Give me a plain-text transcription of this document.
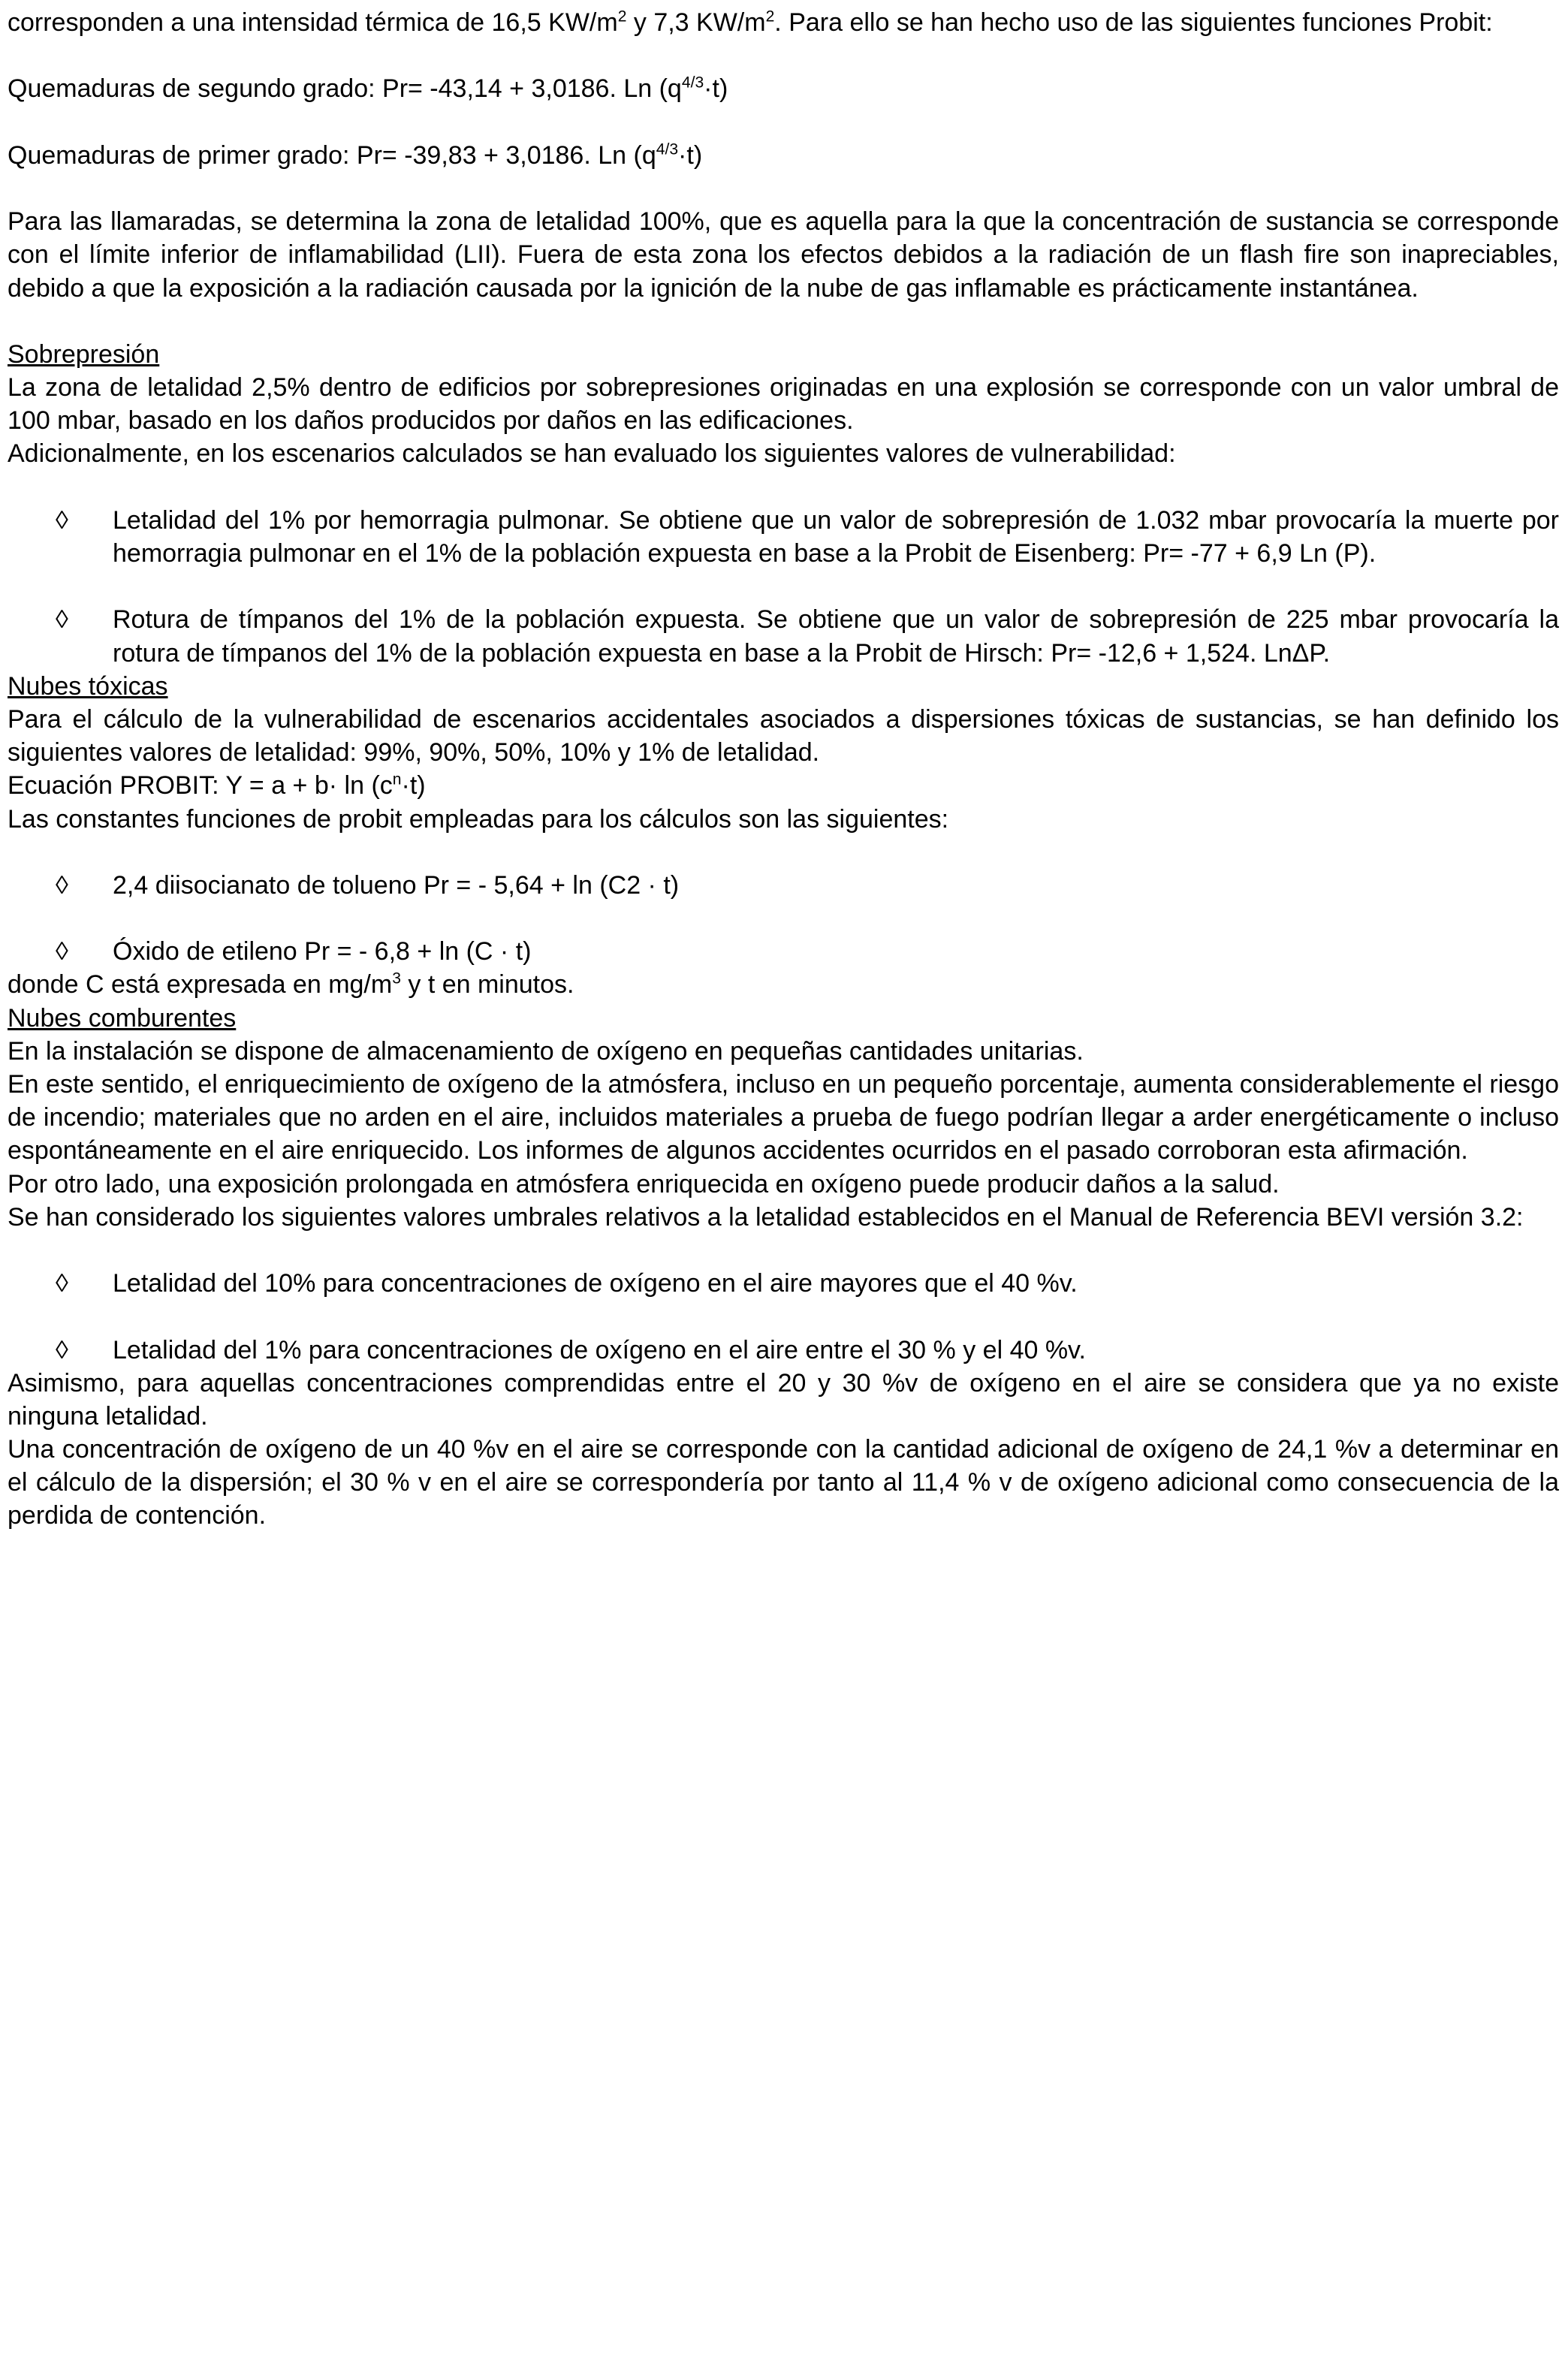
corresponden a una intensidad térmica de 16,5 $KW/m^2$ y 7,3 $KW/m^2$. Para ello se han hecho uso de las siguientes funciones Probit:

Quemaduras de segundo grado: Pr= -43,14 + 3,0186. Ln $(q^{4/3}\cdot t)$

Quemaduras de primer grado: Pr= -39,83 + 3,0186. Ln $(q^{4/3}\cdot t)$

Para las llamaradas, se determina la zona de letalidad 100%, que es aquella para la que la concentración de sustancia se corresponde con el límite inferior de inflamabilidad (LII). Fuera de esta zona los efectos debidos a la radiación de un flash fire son inapreciables, debido a que la exposición a la radiación causada por la ignición de la nube de gas inflamable es prácticamente instantánea.

Sobrepresión

La zona de letalidad 2,5% dentro de edificios por sobrepresiones originadas en una explosión se corresponde con un valor umbral de 100 mbar, basado en los daños producidos por daños en las edificaciones.

Adicionalmente, en los escenarios calculados se han evaluado los siguientes valores de vulnerabilidad:

◊	Letalidad del 1% por hemorragia pulmonar. Se obtiene que un valor de sobrepresión de 1.032 mbar provocaría la muerte por hemorragia pulmonar en el 1% de la población expuesta en base a la Probit de Eisenberg: Pr= -77 + 6,9 Ln (P).

◊	Rotura de tímpanos del 1% de la población expuesta. Se obtiene que un valor de sobrepresión de 225 mbar provocaría la rotura de tímpanos del 1% de la población expuesta en base a la Probit de Hirsch: Pr= -12,6 + 1,524. LnΔP.

Nubes tóxicas

Para el cálculo de la vulnerabilidad de escenarios accidentales asociados a dispersiones tóxicas de sustancias, se han definido los siguientes valores de letalidad: 99%, 90%, 50%, 10% y 1% de letalidad.

Ecuación PROBIT: $Y = a + b\cdot \ln (c^n\cdot t)$

Las constantes funciones de probit empleadas para los cálculos son las siguientes:

◊	2,4 diisocianato de tolueno Pr = - 5,64 + ln (C2 · t)

◊	Óxido de etileno Pr = - 6,8 + ln (C · t)

donde C está expresada en $mg/m^3$ y t en minutos.

Nubes comburentes

En la instalación se dispone de almacenamiento de oxígeno en pequeñas cantidades unitarias.

En este sentido, el enriquecimiento de oxígeno de la atmósfera, incluso en un pequeño porcentaje, aumenta considerablemente el riesgo de incendio; materiales que no arden en el aire, incluidos materiales a prueba de fuego podrían llegar a arder energéticamente o incluso espontáneamente en el aire enriquecido. Los informes de algunos accidentes ocurridos en el pasado corroboran esta afirmación.

Por otro lado, una exposición prolongada en atmósfera enriquecida en oxígeno puede producir daños a la salud.

Se han considerado los siguientes valores umbrales relativos a la letalidad establecidos en el Manual de Referencia BEVI versión 3.2:

◊	Letalidad del 10% para concentraciones de oxígeno en el aire mayores que el 40 %v.

◊	Letalidad del 1% para concentraciones de oxígeno en el aire entre el 30 % y el 40 %v.

Asimismo, para aquellas concentraciones comprendidas entre el 20 y 30 %v de oxígeno en el aire se considera que ya no existe ninguna letalidad.

Una concentración de oxígeno de un 40 %v en el aire se corresponde con la cantidad adicional de oxígeno de 24,1 %v a determinar en el cálculo de la dispersión; el 30 % v en el aire se correspondería por tanto al 11,4 % v de oxígeno adicional como consecuencia de la perdida de contención.
